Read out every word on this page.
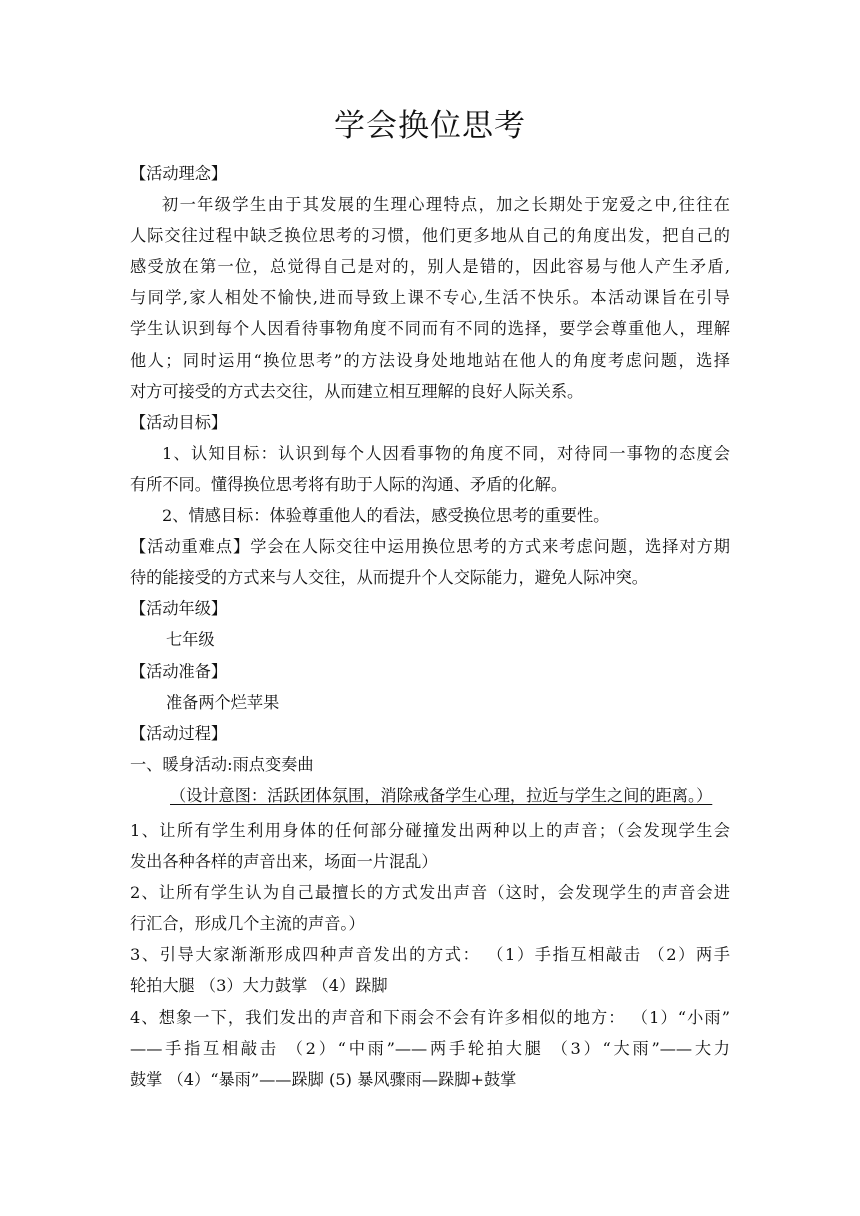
学会换位思考
【活动理念】
初一年级学生由于其发展的生理心理特点，加之长期处于宠爱之中,往往在
人际交往过程中缺乏换位思考的习惯，他们更多地从自己的角度出发，把自己的
感受放在第一位，总觉得自己是对的，别人是错的，因此容易与他人产生矛盾,
与同学,家人相处不愉快,进而导致上课不专心,生活不快乐。本活动课旨在引导
学生认识到每个人因看待事物角度不同而有不同的选择，要学会尊重他人，理解
他人；同时运用“换位思考”的方法设身处地地站在他人的角度考虑问题，选择
对方可接受的方式去交往，从而建立相互理解的良好人际关系。
【活动目标】
1、认知目标：认识到每个人因看事物的角度不同，对待同一事物的态度会
有所不同。懂得换位思考将有助于人际的沟通、矛盾的化解。
2、情感目标：体验尊重他人的看法，感受换位思考的重要性。
【活动重难点】学会在人际交往中运用换位思考的方式来考虑问题，选择对方期
待的能接受的方式来与人交往，从而提升个人交际能力，避免人际冲突。
【活动年级】
七年级
【活动准备】
准备两个烂苹果
【活动过程】
一、暖身活动:雨点变奏曲
（设计意图：活跃团体氛围，消除戒备学生心理，拉近与学生之间的距离。）
1、让所有学生利用身体的任何部分碰撞发出两种以上的声音；（会发现学生会
发出各种各样的声音出来，场面一片混乱）
2、让所有学生认为自己最擅长的方式发出声音（这时，会发现学生的声音会进
行汇合，形成几个主流的声音。）
3、引导大家渐渐形成四种声音发出的方式： （1）手指互相敲击 （2）两手
轮拍大腿 （3）大力鼓掌 （4）跺脚
4、想象一下，我们发出的声音和下雨会不会有许多相似的地方： （1）“小雨”
——手指互相敲击 （2）“中雨”——两手轮拍大腿 （3）“大雨”——大力
鼓掌 （4）“暴雨”——跺脚 (5) 暴风骤雨—跺脚+鼓掌
